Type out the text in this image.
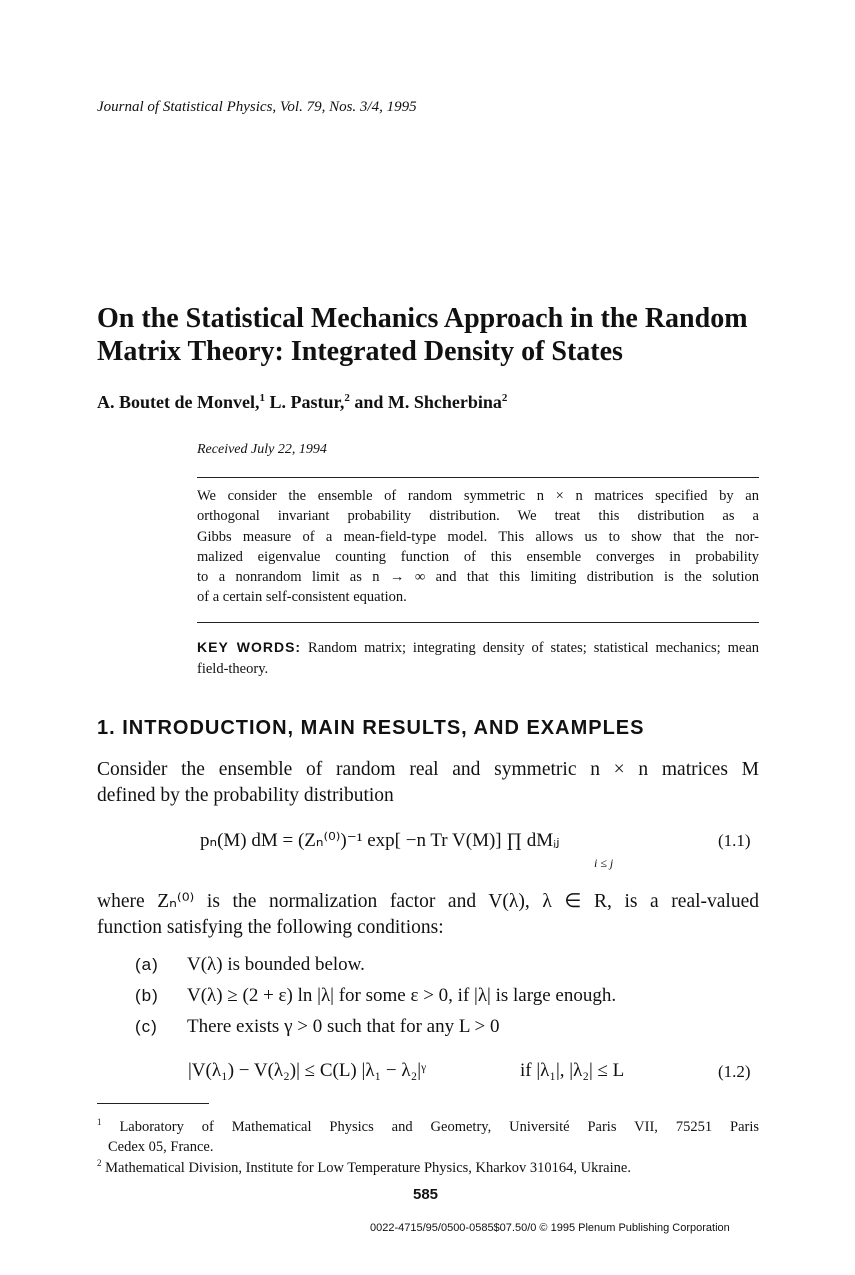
Journal of Statistical Physics, Vol. 79, Nos. 3/4, 1995
On the Statistical Mechanics Approach in the Random Matrix Theory: Integrated Density of States
A. Boutet de Monvel,$^1$ L. Pastur,$^2$ and M. Shcherbina$^2$
Received July 22, 1994
We consider the ensemble of random symmetric n × n matrices specified by an
orthogonal invariant probability distribution. We treat this distribution as a
Gibbs measure of a mean-field-type model. This allows us to show that the nor-
malized eigenvalue counting function of this ensemble converges in probability
to a nonrandom limit as n → ∞ and that this limiting distribution is the solution
of a certain self-consistent equation.
KEY WORDS: Random matrix; integrating density of states; statistical mechanics; mean field-theory.
1. INTRODUCTION, MAIN RESULTS, AND EXAMPLES
Consider the ensemble of random real and symmetric n × n matrices M
defined by the probability distribution
pₙ(M) dM = (Zₙ⁽⁰⁾)⁻¹ exp[ −n Tr V(M)] ∏ dMᵢⱼ
i ≤ j
(1.1)
where Zₙ⁽⁰⁾ is the normalization factor and V(λ), λ ∈ R, is a real-valued
function satisfying the following conditions:
(a) V(λ) is bounded below.
(b) V(λ) ≥ (2 + ε) ln |λ| for some ε > 0, if |λ| is large enough.
(c) There exists γ > 0 such that for any L > 0
|V(λ₁) − V(λ₂)| ≤ C(L) |λ₁ − λ₂|ᵞ	if |λ₁|, |λ₂| ≤ L	(1.2)
$^1$ Laboratory of Mathematical Physics and Geometry, Université Paris VII, 75251 Paris
Cedex 05, France.
$^2$ Mathematical Division, Institute for Low Temperature Physics, Kharkov 310164, Ukraine.
585
0022-4715/95/0500-0585$07.50/0 © 1995 Plenum Publishing Corporation
